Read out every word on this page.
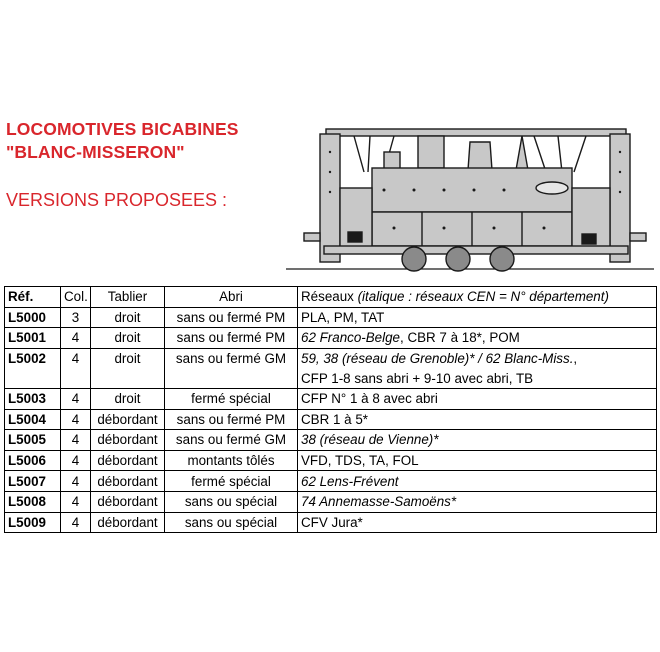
LOCOMOTIVES BICABINES
"BLANC-MISSERON"
VERSIONS PROPOSEES :
Réf.	Col.	Tablier	Abri	Réseaux (italique : réseaux CEN = N° département)
L5000	3	droit	sans ou fermé PM	PLA, PM, TAT
L5001	4	droit	sans ou fermé PM	62 Franco-Belge, CBR 7 à 18*, POM
L5002	4	droit	sans ou fermé GM	59, 38 (réseau de Grenoble)* / 62 Blanc-Miss.,
				CFP 1-8 sans abri + 9-10 avec abri, TB
L5003	4	droit	fermé spécial	CFP N° 1 à 8 avec abri
L5004	4	débordant	sans ou fermé PM	CBR 1 à 5*
L5005	4	débordant	sans ou fermé GM	38 (réseau de Vienne)*
L5006	4	débordant	montants tôlés	VFD, TDS, TA, FOL
L5007	4	débordant	fermé spécial	62 Lens-Frévent
L5008	4	débordant	sans ou spécial	74 Annemasse-Samoëns*
L5009	4	débordant	sans ou spécial	CFV Jura*
